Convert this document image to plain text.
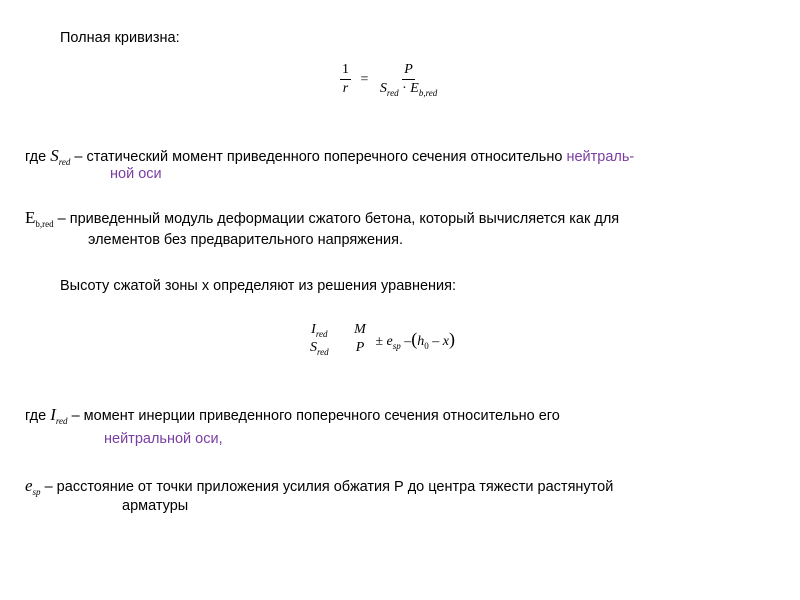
Полная кривизна:
$\frac{1}{r} = \frac{P}{S_{red} \cdot E_{b,red}}$
где $S_{red}$ – статический момент приведенного поперечного сечения относительно нейтраль-
ной оси
$E_{b,red}$ – приведенный модуль деформации сжатого бетона, который вычисляется как для
элементов без предварительного напряжения.
Высоту сжатой зоны х определяют из решения уравнения:
$I_{red}$
$S_{red}$

M
$P \pm e_{sp}$ $-(h_0 - x)$
где $I_{red}$ – момент инерции приведенного поперечного сечения относительно его
нейтральной оси,
$e_{sp}$ – расстояние от точки приложения усилия обжатия Р до центра тяжести растянутой
арматуры
